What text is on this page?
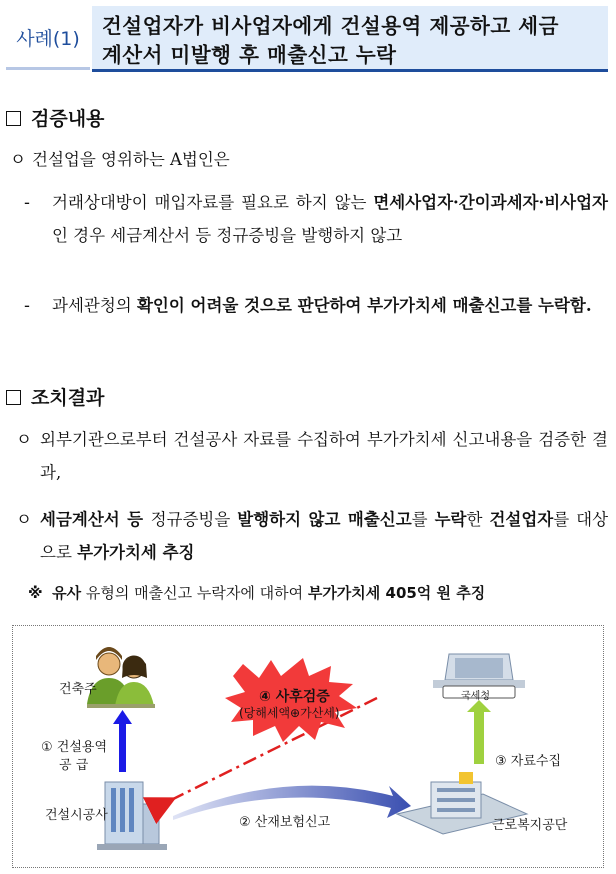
사례(1)
건설업자가 비사업자에게 건설용역 제공하고 세금
계산서 미발행 후 매출신고 누락
검증내용
ㅇ 건설업을 영위하는 A법인은
-	거래상대방이 매입자료를 필요로 하지 않는 면세사업자·간이과세자·비사업자인 경우 세금계산서 등 정규증빙을 발행하지 않고
-	과세관청의 확인이 어려울 것으로 판단하여 부가가치세 매출신고를 누락함.
조치결과
ㅇ 외부기관으로부터 건설공사 자료를 수집하여 부가가치세 신고내용을 검증한 결과,
ㅇ 세금계산서 등 정규증빙을 발행하지 않고 매출신고를 누락한 건설업자를 대상으로 부가가치세 추징
※ 유사 유형의 매출신고 누락자에 대하여 부가가치세 405억 원 추징
건축주
① 건설용역
공 급
건설시공사	② 산재보험신고
③ 자료수집
근로복지공단
국세청
④ 사후검증
(당해세액⊕가산세)
